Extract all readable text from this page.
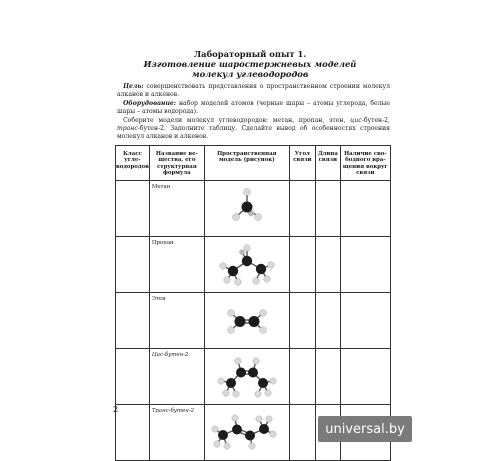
Лабораторный опыт 1.
Изготовление шаростержневых моделей
молекул углеводородов
 Цель: совершенствовать представления о пространственном строении молекул алканов и алкенов.
 Оборудование: набор моделей атомов (черные шары – атомы углерода, белые шары – атомы водорода).
 Соберите модели молекул углеводородов: метан, пропан, этен, цис-бутен-2, транс-бутен-2. Заполните таблицу. Сделайте вывод об особенностях строения молекул алканов и алкенов.
Класс угле-водородов	Название ве-щества, его структурная формула	Пространственная модель (рисунок)	Угол связи	Длина связи	Наличие сво-бодного вра-щения вокруг связи
	Метан	

	Пропан	

	Этен	

	Цис-бутен-2	

	Транс-бутен-2	

2
universal.by
